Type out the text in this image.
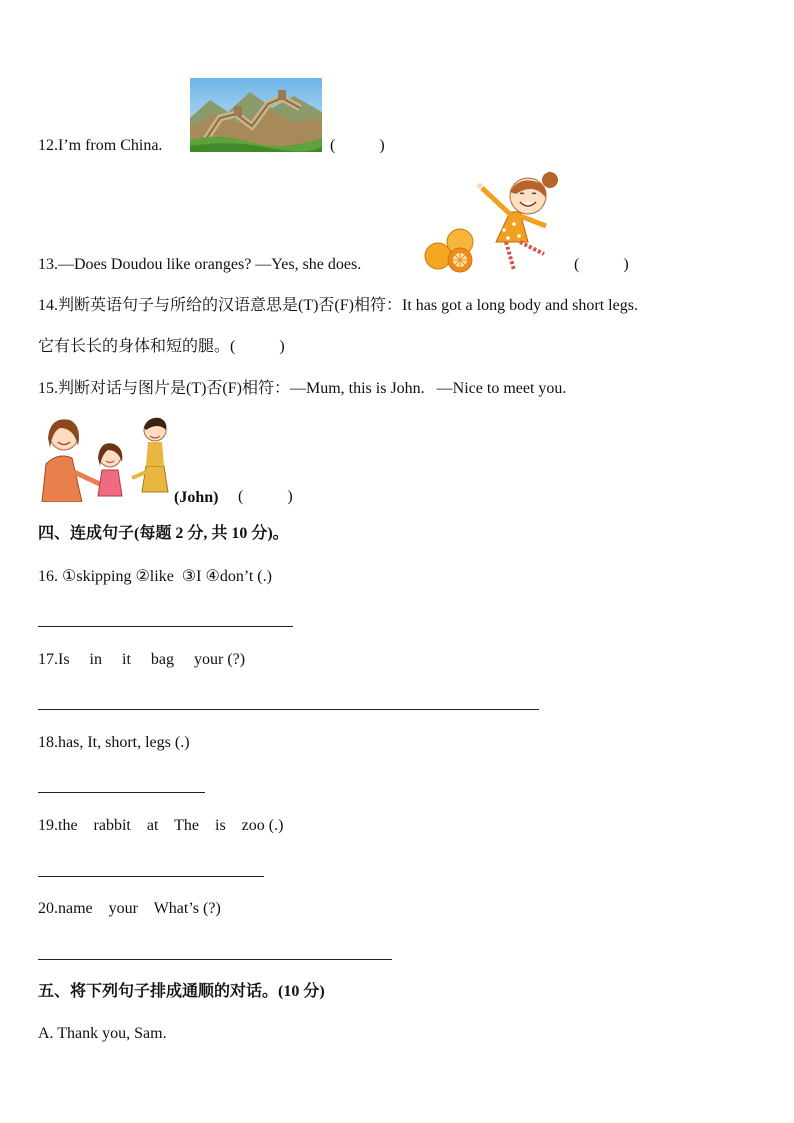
12.I’m from China.	(           )
13.—Does Doudou like oranges? —Yes, she does.	(           )
14.判断英语句子与所给的汉语意思是(T)否(F)相符：It has got a long body and short legs.
它有长长的身体和短的腿。(           )
15.判断对话与图片是(T)否(F)相符：—Mum, this is John.   —Nice to meet you.
(John) (           )
四、连成句子(每题 2 分, 共 10 分)。
16. ①skipping ②like  ③I ④don’t (.)
17.Is     in     it     bag     your (?)
18.has, It, short, legs (.)
19.the    rabbit    at    The    is    zoo (.)
20.name    your    What’s (?)
五、将下列句子排成通顺的对话。(10 分)
A. Thank you, Sam.
